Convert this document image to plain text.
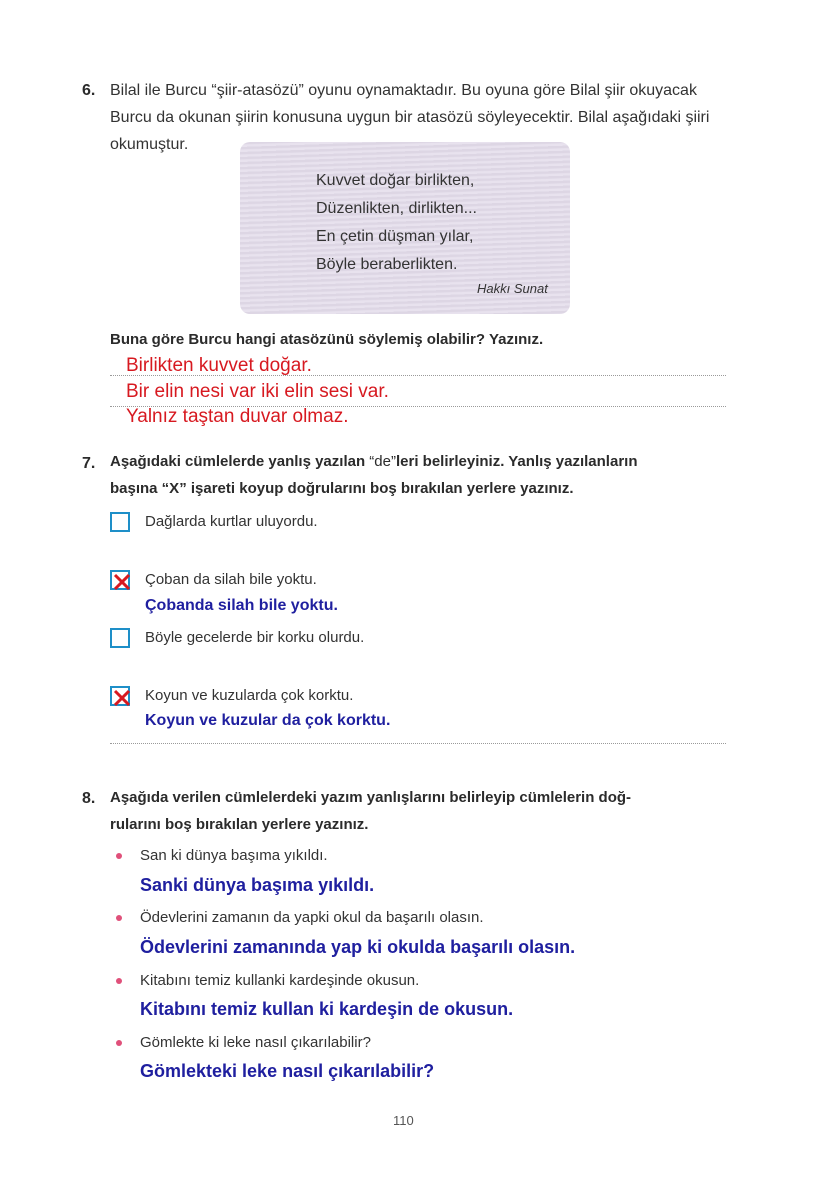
6. Bilal ile Burcu “şiir-atasözü” oyunu oynamaktadır. Bu oyuna göre Bilal şiir okuyacak
Burcu da okunan şiirin konusuna uygun bir atasözü söyleyecektir. Bilal aşağıdaki şiiri
okumuştur.
Kuvvet doğar birlikten,
Düzenlikten, dirlikten...
En çetin düşman yılar,
Böyle beraberlikten.
Hakkı Sunat
Buna göre Burcu hangi atasözünü söylemiş olabilir? Yazınız.
Birlikten kuvvet doğar.
Bir elin nesi var iki elin sesi var.
Yalnız taştan duvar olmaz.
7. Aşağıdaki cümlelerde yanlış yazılan “de”leri belirleyiniz. Yanlış yazılanların
başına “X” işareti koyup doğrularını boş bırakılan yerlere yazınız.
Dağlarda kurtlar uluyordu.
Çoban da silah bile yoktu.
Çobanda silah bile yoktu.
Böyle gecelerde bir korku olurdu.
Koyun ve kuzularda çok korktu.
Koyun ve kuzular da çok korktu.
8. Aşağıda verilen cümlelerdeki yazım yanlışlarını belirleyip cümlelerin doğ-
rularını boş bırakılan yerlere yazınız.
San ki dünya başıma yıkıldı.
Sanki dünya başıma yıkıldı.
Ödevlerini zamanın da yapki okul da başarılı olasın.
Ödevlerini zamanında yap ki okulda başarılı olasın.
Kitabını temiz kullanki kardeşinde okusun.
Kitabını temiz kullan ki kardeşin de okusun.
Gömlekte ki leke nasıl çıkarılabilir?
Gömlekteki leke nasıl çıkarılabilir?
110
